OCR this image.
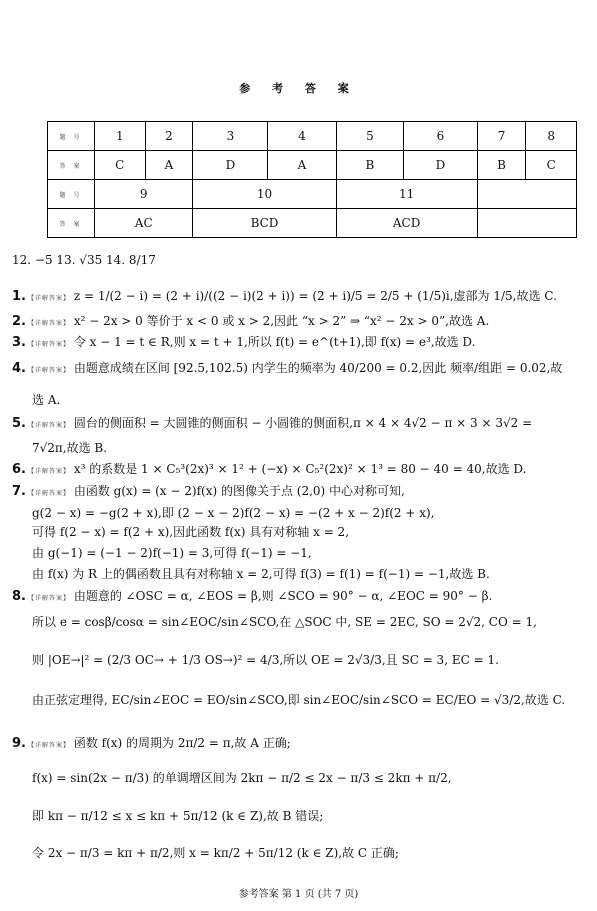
参 考 答 案
题 号	1	2	3	4	5	6	7	8
答 案	C	A	D	A	B	D	B	C
题 号	9		10		11			
答 案	AC		BCD		ACD			
12. −5 13. √35 14. 8/17
1. 【详解答案】 z = 1/(2 − i) = (2 + i)/((2 − i)(2 + i)) = (2 + i)/5 = 2/5 + (1/5)i,虚部为 1/5,故选 C.
2. 【详解答案】 x² − 2x > 0 等价于 x < 0 或 x > 2,因此 “x > 2” ⇒ “x² − 2x > 0”,故选 A.
3. 【详解答案】 令 x − 1 = t ∈ R,则 x = t + 1,所以 f(t) = e^(t+1),即 f(x) = e³,故选 D.
4. 【详解答案】 由题意成绩在区间 [92.5,102.5) 内学生的频率为 40/200 = 0.2,因此 频率/组距 = 0.02,故
选 A.
5. 【详解答案】 圆台的侧面积 = 大圆锥的侧面积 − 小圆锥的侧面积,π × 4 × 4√2 − π × 3 × 3√2 =
7√2π,故选 B.
6. 【详解答案】 x³ 的系数是 1 × C₅³(2x)³ × 1² + (−x) × C₅²(2x)² × 1³ = 80 − 40 = 40,故选 D.
7. 【详解答案】 由函数 g(x) = (x − 2)f(x) 的图像关于点 (2,0) 中心对称可知,
g(2 − x) = −g(2 + x),即 (2 − x − 2)f(2 − x) = −(2 + x − 2)f(2 + x),
可得 f(2 − x) = f(2 + x),因此函数 f(x) 具有对称轴 x = 2,
由 g(−1) = (−1 − 2)f(−1) = 3,可得 f(−1) = −1,
由 f(x) 为 R 上的偶函数且具有对称轴 x = 2,可得 f(3) = f(1) = f(−1) = −1,故选 B.
8. 【详解答案】 由题意的 ∠OSC = α, ∠EOS = β,则 ∠SCO = 90° − α, ∠EOC = 90° − β.
所以 e = cosβ/cosα = sin∠EOC/sin∠SCO,在 △SOC 中, SE = 2EC, SO = 2√2, CO = 1,
则 |OE→|² = (2/3 OC→ + 1/3 OS→)² = 4/3,所以 OE = 2√3/3,且 SC = 3, EC = 1.
由正弦定理得, EC/sin∠EOC = EO/sin∠SCO,即 sin∠EOC/sin∠SCO = EC/EO = √3/2,故选 C.
9. 【详解答案】 函数 f(x) 的周期为 2π/2 = π,故 A 正确;
f(x) = sin(2x − π/3) 的单调增区间为 2kπ − π/2 ≤ 2x − π/3 ≤ 2kπ + π/2,
即 kπ − π/12 ≤ x ≤ kπ + 5π/12 (k ∈ Z),故 B 错误;
令 2x − π/3 = kπ + π/2,则 x = kπ/2 + 5π/12 (k ∈ Z),故 C 正确;
参考答案 第 1 页 (共 7 页)
